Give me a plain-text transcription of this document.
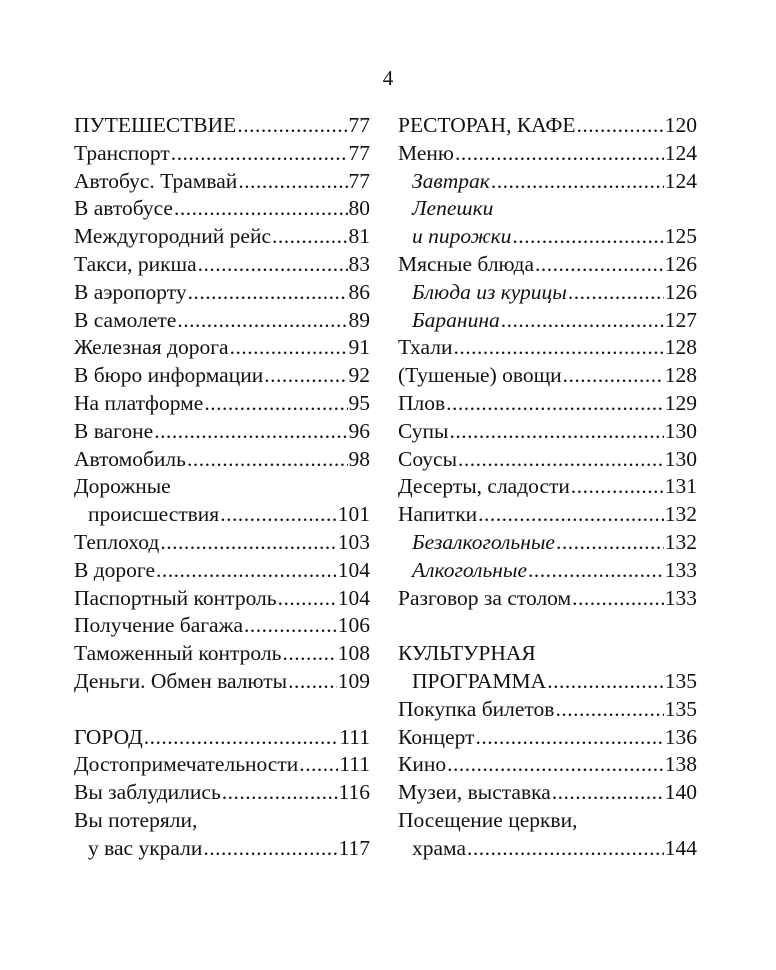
4
ПУТЕШЕСТВИЕ .....	77
Транспорт .....	77
Автобус. Трамвай .....	77
В автобусе .....	80
Междугородний рейс .....	81
Такси, рикша .....	83
В аэропорту .....	86
В самолете .....	89
Железная дорога .....	91
В бюро информации .....	92
На платформе .....	95
В вагоне .....	96
Автомобиль .....	98
Дорожные
происшествия .....	101
Теплоход .....	103
В дороге .....	104
Паспортный контроль .....	104
Получение багажа .....	106
Таможенный контроль .....	108
Деньги. Обмен валюты ..... 109
ГОРОД .....	111
Достопримечательности ..... 111
Вы заблудились .....	116
Вы потеряли,
у вас украли .....	117
РЕСТОРАН, КАФЕ .....	120
Меню .....	124
Завтрак .....	124
Лепешки
и пирожки .....	125
Мясные блюда .....	126
Блюда из курицы .....	126
Баранина .....	127
Тхали .....	128
(Тушеные) овощи .....	128
Плов .....	129
Супы .....	130
Соусы .....	130
Десерты, сладости .....	131
Напитки .....	132
Безалкогольные .....	132
Алкогольные .....	133
Разговор за столом .....	133
КУЛЬТУРНАЯ
ПРОГРАММА .....	135
Покупка билетов .....	135
Концерт .....	136
Кино .....	138
Музеи, выставка .....	140
Посещение церкви,
храма .....	144
